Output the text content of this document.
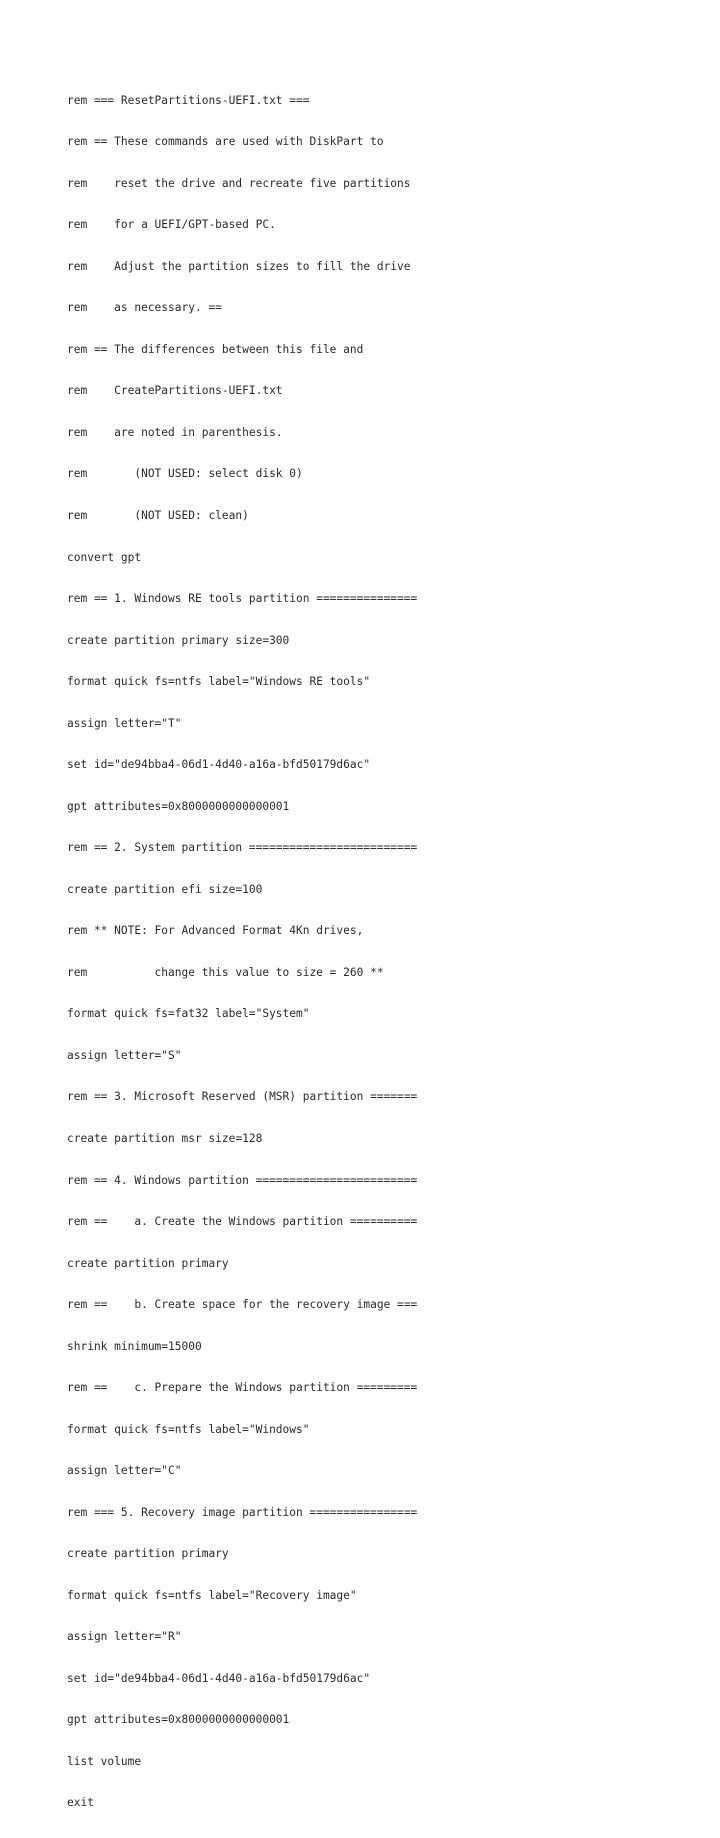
rem === ResetPartitions-UEFI.txt ===

rem == These commands are used with DiskPart to

rem    reset the drive and recreate five partitions

rem    for a UEFI/GPT-based PC.

rem    Adjust the partition sizes to fill the drive

rem    as necessary. ==

rem == The differences between this file and

rem    CreatePartitions-UEFI.txt

rem    are noted in parenthesis.

rem       (NOT USED: select disk 0)

rem       (NOT USED: clean)

convert gpt

rem == 1. Windows RE tools partition ===============

create partition primary size=300

format quick fs=ntfs label="Windows RE tools"

assign letter="T"

set id="de94bba4-06d1-4d40-a16a-bfd50179d6ac"

gpt attributes=0x8000000000000001

rem == 2. System partition =========================

create partition efi size=100

rem ** NOTE: For Advanced Format 4Kn drives,

rem          change this value to size = 260 **

format quick fs=fat32 label="System"

assign letter="S"

rem == 3. Microsoft Reserved (MSR) partition =======

create partition msr size=128

rem == 4. Windows partition ========================

rem ==    a. Create the Windows partition ==========

create partition primary

rem ==    b. Create space for the recovery image ===

shrink minimum=15000

rem ==    c. Prepare the Windows partition =========

format quick fs=ntfs label="Windows"

assign letter="C"

rem === 5. Recovery image partition ================

create partition primary

format quick fs=ntfs label="Recovery image"

assign letter="R"

set id="de94bba4-06d1-4d40-a16a-bfd50179d6ac"

gpt attributes=0x8000000000000001

list volume

exit
